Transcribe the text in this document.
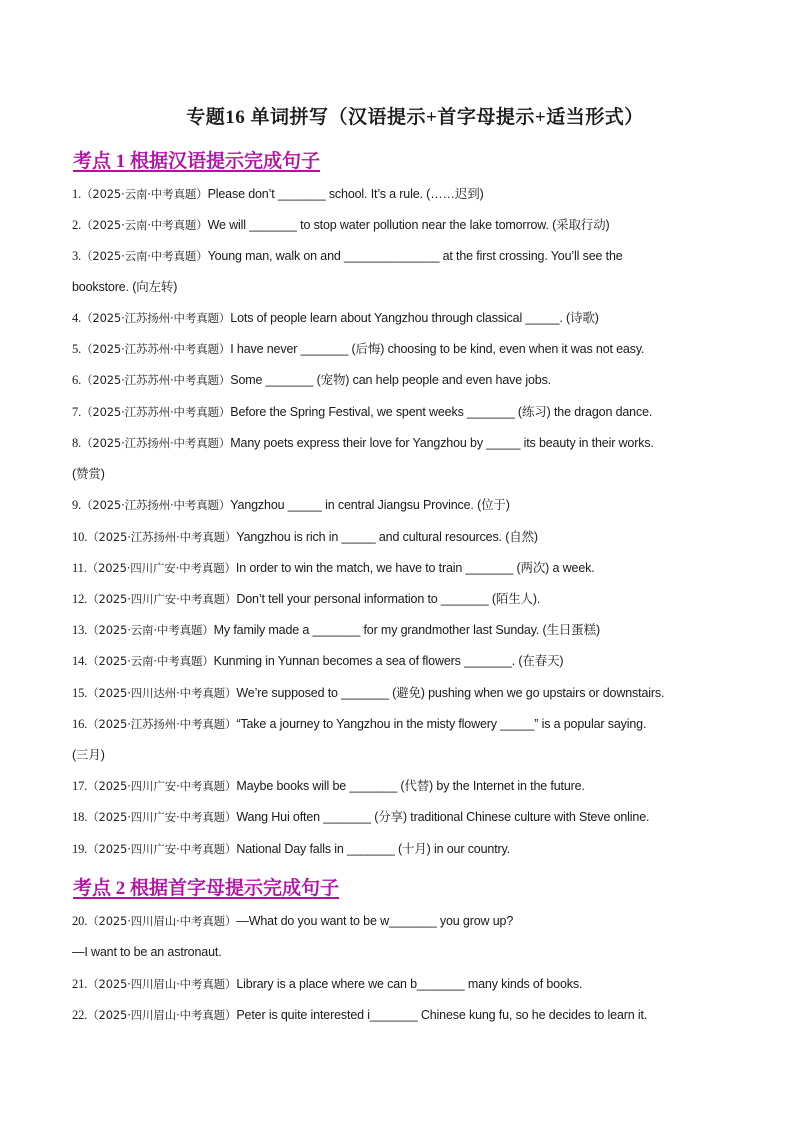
专题16 单词拼写（汉语提示+首字母提示+适当形式）
考点 1 根据汉语提示完成句子
1.（2025·云南·中考真题）Please don’t _______ school. It’s a rule. (……迟到)
2.（2025·云南·中考真题）We will _______ to stop water pollution near the lake tomorrow. (采取行动)
3.（2025·云南·中考真题）Young man, walk on and ______________ at the first crossing. You’ll see the
bookstore. (向左转)
4.（2025·江苏扬州·中考真题）Lots of people learn about Yangzhou through classical _____. (诗歌)
5.（2025·江苏苏州·中考真题）I have never _______ (后悔) choosing to be kind, even when it was not easy.
6.（2025·江苏苏州·中考真题）Some _______ (宠物) can help people and even have jobs.
7.（2025·江苏苏州·中考真题）Before the Spring Festival, we spent weeks _______ (练习) the dragon dance.
8.（2025·江苏扬州·中考真题）Many poets express their love for Yangzhou by _____ its beauty in their works.
(赞赏)
9.（2025·江苏扬州·中考真题）Yangzhou _____ in central Jiangsu Province. (位于)
10.（2025·江苏扬州·中考真题）Yangzhou is rich in _____ and cultural resources. (自然)
11.（2025·四川广安·中考真题）In order to win the match, we have to train _______ (两次) a week.
12.（2025·四川广安·中考真题）Don’t tell your personal information to _______ (陌生人).
13.（2025·云南·中考真题）My family made a _______ for my grandmother last Sunday. (生日蛋糕)
14.（2025·云南·中考真题）Kunming in Yunnan becomes a sea of flowers _______. (在春天)
15.（2025·四川达州·中考真题）We’re supposed to _______ (避免) pushing when we go upstairs or downstairs.
16.（2025·江苏扬州·中考真题）“Take a journey to Yangzhou in the misty flowery _____” is a popular saying.
(三月)
17.（2025·四川广安·中考真题）Maybe books will be _______ (代替) by the Internet in the future.
18.（2025·四川广安·中考真题）Wang Hui often _______ (分享) traditional Chinese culture with Steve online.
19.（2025·四川广安·中考真题）National Day falls in _______ (十月) in our country.
考点 2 根据首字母提示完成句子
20.（2025·四川眉山·中考真题）—What do you want to be w_______ you grow up?
—I want to be an astronaut.
21.（2025·四川眉山·中考真题）Library is a place where we can b_______ many kinds of books.
22.（2025·四川眉山·中考真题）Peter is quite interested i_______ Chinese kung fu, so he decides to learn it.
